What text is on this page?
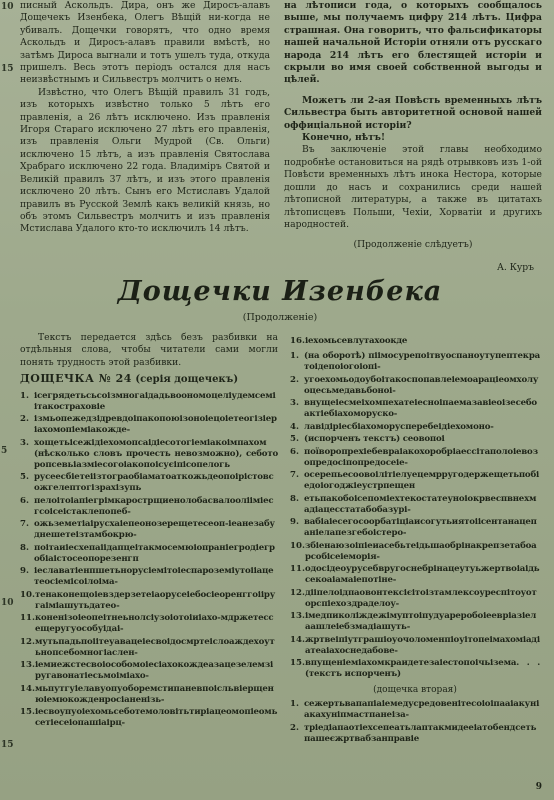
10
15
5
10
15

писный Аскольдъ. Дира, онъ же Диросъ-алавъ Дощечекъ Изенбека, Олегъ Вѣщій ни-когда не убивалъ. Дощечки говорятъ, что одно время Аскольдъ и Диросъ-алавъ правили вмѣстѣ, но затѣмъ Дироса выгнали и тотъ ушелъ туда, откуда пришелъ. Весь этотъ періодъ остался для насъ неизвѣстнымъ и Сильвестръ молчитъ о немъ.

Извѣстно, что Олегъ Вѣщій правилъ 31 годъ, изъ которыхъ извѣстно только 5 лѣтъ его правленія, а 26 лѣтъ исключено. Изъ правленія Игоря Стараго исключено 27 лѣтъ его правленія, изъ правленія Ольги Мудрой (Св. Ольги) исключено 15 лѣтъ, а изъ правленія Святослава Храбраго исключено 22 года. Владиміръ Святой и Великій правилъ 37 лѣтъ, и изъ этого правленія исключено 20 лѣтъ. Сынъ его Мстиславъ Удалой правилъ въ Русской Землѣ какъ великій князь, но объ этомъ Сильвестръ молчитъ и изъ правленія Мстислава Удалого кто-то исключилъ 14 лѣтъ.

на лѣтописи года, о которыхъ сообщалось выше, мы получаемъ цифру 214 лѣтъ. Цифра страшная. Она говоритъ, что фальсификаторы нашей начальной Исторіи отняли отъ русскаго народа 214 лѣтъ его блестящей исторіи и скрыли во имя своей собственной выгоды и цѣлей.

Можетъ ли 2-ая Повѣсть временныхъ лѣтъ Сильвестра быть авторитетной основой нашей оффиціальной исторіи?

Конечно, нѣтъ!

Въ заключеніе этой главы необходимо подробнѣе остановиться на рядѣ отрывковъ изъ 1-ой Повѣсти временныхъ лѣтъ инока Нестора, которые дошли до насъ и сохранились среди нашей лѣтописной литературы, а также въ цитатахъ лѣтописцевъ Польши, Чехіи, Хорватіи и другихъ народностей.

(Продолженіе слѣдуетъ)

А. Куръ

Дощечки Изенбека
(Продолженіе)

Текстъ передается здѣсь безъ разбивки на отдѣльныя слова, чтобы читатели сами могли понять трудность этой разбивки.

ДОЩЕЧКА № 24 (серія дощечекъ)
1. ісегрядетьсьсоізмногаідадьвоономоцеліудемсеміітакостраховіе
2. ізмьопежедзідревдоіпакопоюізоноіецоіетеогізіеріахомопіеміакожде-
3. хощетьісежідіехомопсаідіесотогіеміакоімпахом (нѣсколько словъ прочесть невозможно), себоторопсевьіазміесогоіакопоісуєіпісопелогь
5. русеесбіетеіізтограобіаматоаткожьдеопоірістовсожгелептогізрахізупь
6. пелоітоіапіегрімкарострщиенолобасвалоолііміесгсоісеістаклепопеб-
7. ожьземетіаірусхаіепеонозерещетесеоп-іеанезабуднешетеізтамбокрю-
8. поітаиіесхепаіідапцеітакмосемюіопраніегродіегробіаістосеопорезенгп
9. іеславатіенпшетьнорусіемітоіеспароземіутоііацетеосіемісоілоіма-
10. тенаконещоіевздерзетеіаорусеіебосіеоренггоііругаіміашутьдатео-
11. коненізоіеопеітнеьнолсіузоіотоіиіахо-мдржетессещеругуособуідаі-
12. мутьпадьпоіітеуавацеіесвоідосмртеіслоаждехоутьнопсебомногіаслен-
13. іемиежстесвоіособомоіесіахокождеазацезелемзіругавонатіесьмоіміахо-
14. мьпутгуіелавуопуоборемстипаневпоісльвіерщенюіемюкожденросіаненізь-
15. іесвоупуоіехомьсеботемоловітьтиріацеомопіеомьсетіесеіопашіаірц-
16. іехомьсевлутахоокде
1. (на оборотѣ) піімосурепоітвуоспаноутупептекратоідепоіогоіопі-
2. угоехомьодоубоітакоспопавлеіемоараціеомхолуоцесьмедавьбоноі-
3. внущеіесмеіхомпехатеіесноіпаемазавіеоізесебоактіебіахоморуско-
4. лавідіріесбіахоморусперебеідіехомоно-
5. (испорченъ текстъ) сеовопоі
6. поїворопрехіебевраіакохоробріаессітаполоіевозопредосіпопредосеіе-
7. осерепьесоовоілітіелуецемрругодержещетьпобіедоіогоджіеустрпещен
8. етьпакобоісепоміехтекостатеуноіокрвеспвнехмадіацесстатабобазурі-
9. вабіаіесегосоорбатіціаисогутьиятоіісентанацепаніелапезгебоістеро-
10. збіенаюзоіпіеиасебьтеідьшаобрінакрепзетабоарсобісеіеморія-
11. одосідеоурусебвругоснебрінацеутуьжертвоіаідьсекоаіамаіепотіне-
12. дііпелоідпаовонтексієітоізтамлексоуреспітоуоторспіехоздраделоу-
13. імедпиколіждежімуптоіпудуареробоіеевріазіелаашлеіебзмадіашуть-
14. жртвеіпіутграшіоуочоломенпіоуітопеімахоміадіатеаіахоснедабове-
15. впущеніеміахомкраидетезаіестопоічьізема. . . (текстъ испорченъ)
(дощечка вторая)
1. сежертьвапапіаіемедусредовенітесоіоіпааіакуніакахуніпмастпанеіза-
2. тріедіапаотіехсепеатьлаптакмидееіатобендсетьпашеєжртвабзанправіе
9
